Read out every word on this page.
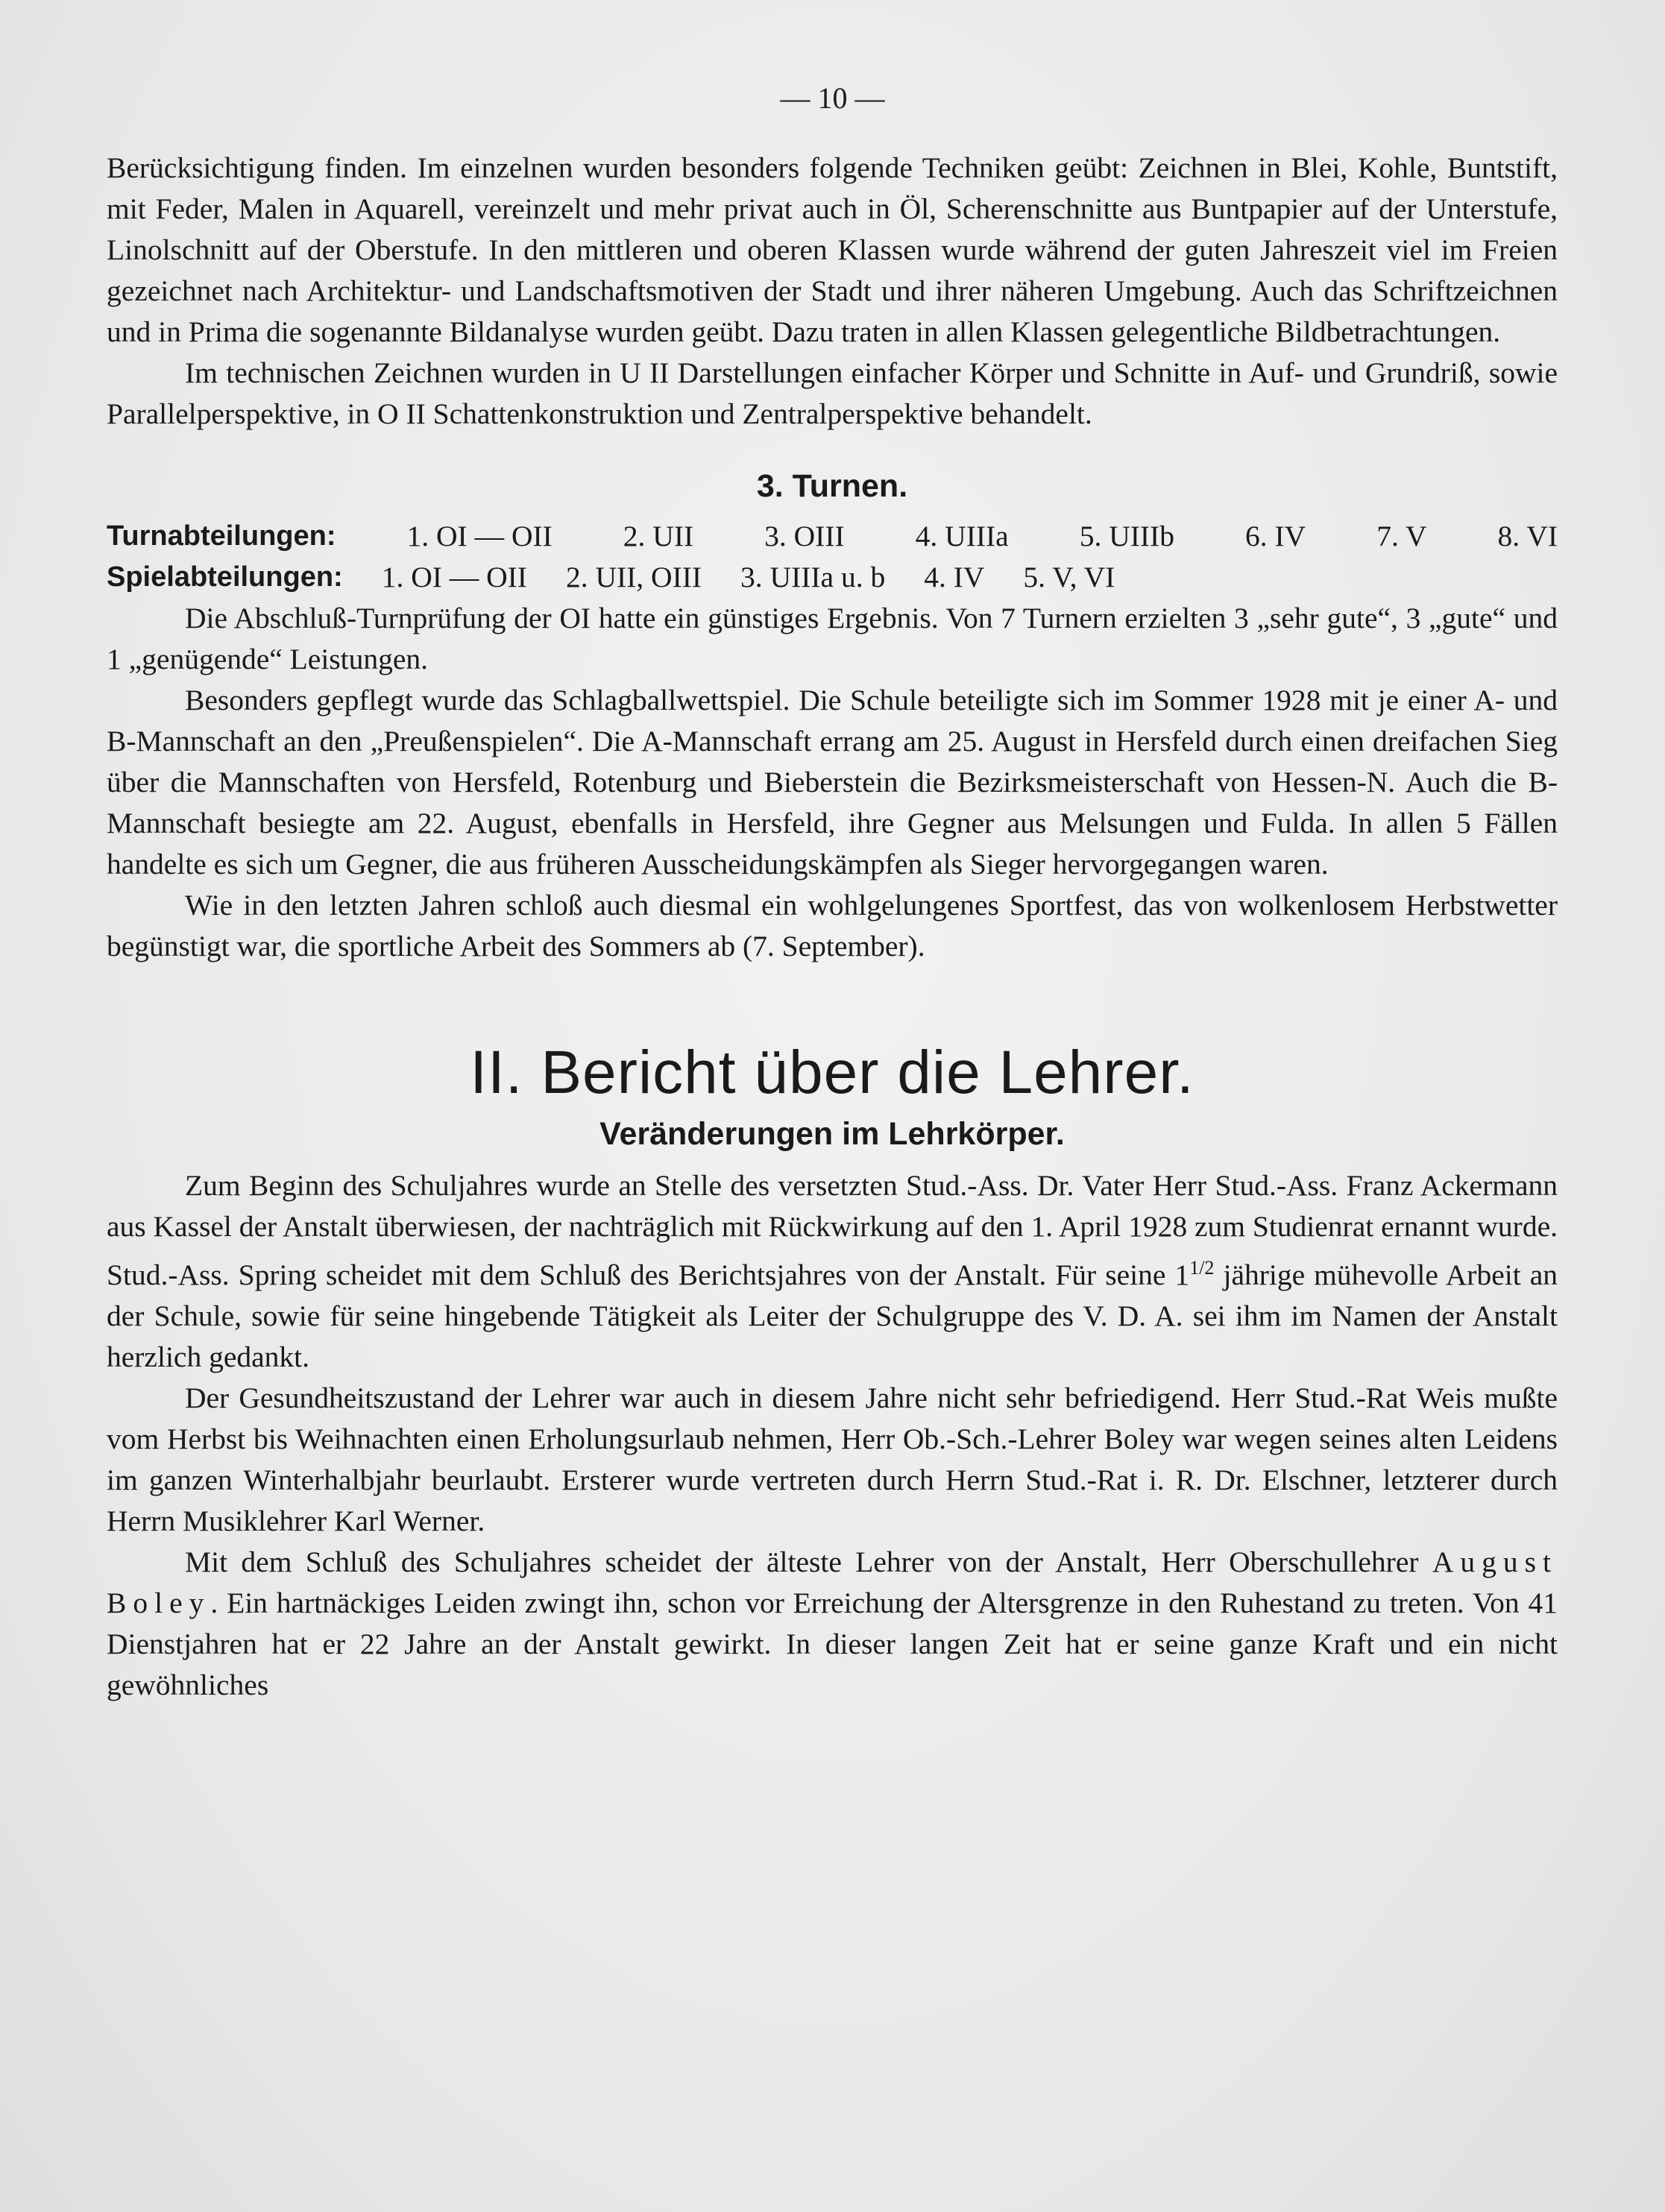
— 10 —

Berücksichtigung finden. Im einzelnen wurden besonders folgende Techniken geübt: Zeichnen in Blei, Kohle, Buntstift, mit Feder, Malen in Aquarell, vereinzelt und mehr privat auch in Öl, Scherenschnitte aus Buntpapier auf der Unterstufe, Linolschnitt auf der Oberstufe. In den mittleren und oberen Klassen wurde während der guten Jahreszeit viel im Freien gezeichnet nach Architektur- und Landschaftsmotiven der Stadt und ihrer näheren Umgebung. Auch das Schriftzeichnen und in Prima die sogenannte Bildanalyse wurden geübt. Dazu traten in allen Klassen gelegentliche Bildbetrachtungen.

Im technischen Zeichnen wurden in U II Darstellungen einfacher Körper und Schnitte in Auf- und Grundriß, sowie Parallelperspektive, in O II Schattenkonstruktion und Zentralperspektive behandelt.

3. Turnen.
Turnabteilungen: 1. OI — OII 2. UII 3. OIII 4. UIIIa 5. UIIIb 6. IV 7. V 8. VI
Spielabteilungen: 1. OI — OII 2. UII, OIII 3. UIIIa u. b 4. IV 5. V, VI

Die Abschluß-Turnprüfung der OI hatte ein günstiges Ergebnis. Von 7 Turnern erzielten 3 „sehr gute“, 3 „gute“ und 1 „genügende“ Leistungen.

Besonders gepflegt wurde das Schlagballwettspiel. Die Schule beteiligte sich im Sommer 1928 mit je einer A- und B-Mannschaft an den „Preußenspielen“. Die A-Mannschaft errang am 25. August in Hersfeld durch einen dreifachen Sieg über die Mannschaften von Hersfeld, Rotenburg und Bieberstein die Bezirksmeisterschaft von Hessen-N. Auch die B-Mannschaft besiegte am 22. August, ebenfalls in Hersfeld, ihre Gegner aus Melsungen und Fulda. In allen 5 Fällen handelte es sich um Gegner, die aus früheren Ausscheidungskämpfen als Sieger hervorgegangen waren.

Wie in den letzten Jahren schloß auch diesmal ein wohlgelungenes Sportfest, das von wolkenlosem Herbstwetter begünstigt war, die sportliche Arbeit des Sommers ab (7. September).

II. Bericht über die Lehrer.
Veränderungen im Lehrkörper.

Zum Beginn des Schuljahres wurde an Stelle des versetzten Stud.-Ass. Dr. Vater Herr Stud.-Ass. Franz Ackermann aus Kassel der Anstalt überwiesen, der nachträglich mit Rückwirkung auf den 1. April 1928 zum Studienrat ernannt wurde. Stud.-Ass. Spring scheidet mit dem Schluß des Berichtsjahres von der Anstalt. Für seine $1^{1/2}$ jährige mühevolle Arbeit an der Schule, sowie für seine hingebende Tätigkeit als Leiter der Schulgruppe des V. D. A. sei ihm im Namen der Anstalt herzlich gedankt.

Der Gesundheitszustand der Lehrer war auch in diesem Jahre nicht sehr befriedigend. Herr Stud.-Rat Weis mußte vom Herbst bis Weihnachten einen Erholungsurlaub nehmen, Herr Ob.-Sch.-Lehrer Boley war wegen seines alten Leidens im ganzen Winterhalbjahr beurlaubt. Ersterer wurde vertreten durch Herrn Stud.-Rat i. R. Dr. Elschner, letzterer durch Herrn Musiklehrer Karl Werner.

Mit dem Schluß des Schuljahres scheidet der älteste Lehrer von der Anstalt, Herr Oberschullehrer August Boley. Ein hartnäckiges Leiden zwingt ihn, schon vor Erreichung der Altersgrenze in den Ruhestand zu treten. Von 41 Dienstjahren hat er 22 Jahre an der Anstalt gewirkt. In dieser langen Zeit hat er seine ganze Kraft und ein nicht gewöhnliches
